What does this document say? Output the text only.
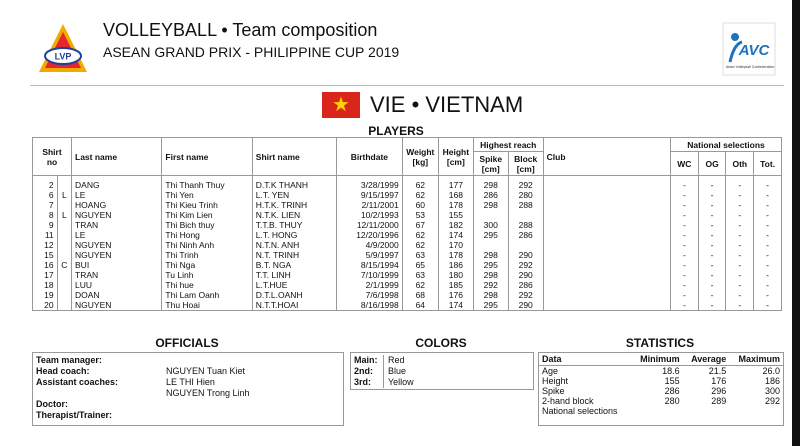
LVP
VOLLEYBALL • Team composition
ASEAN GRAND PRIX - PHILIPPINE CUP 2019	AVC
Asian Volleyball Confederation
★ VIE • VIETNAM
PLAYERS
Shirt no		Last name	First name	Shirt name	Birthdate	Weight [kg]	Height [cm]	Highest reach		Club	National selections			
								Spike [cm]	Block [cm]		WC	OG	Oth	Tot.
2		DANG	Thi Thanh Thuy	D.T.K THANH	3/28/1999	62	177	298	292		-	-	-	-
6	L	LE	Thi Yen	L.T. YEN	9/15/1997	62	168	286	280		-	-	-	-
7		HOANG	Thi Kieu Trinh	H.T.K. TRINH	2/11/2001	60	178	298	288		-	-	-	-
8	L	NGUYEN	Thi Kim Lien	N.T.K. LIEN	10/2/1993	53	155				-	-	-	-
9		TRAN	Thi Bich thuy	T.T.B. THUY	12/11/2000	67	182	300	288		-	-	-	-
11		LE	Thi Hong	L.T. HONG	12/20/1996	62	174	295	286		-	-	-	-
12		NGUYEN	Thi Ninh Anh	N.T.N. ANH	4/9/2000	62	170				-	-	-	-
15		NGUYEN	Thi Trinh	N.T. TRINH	5/9/1997	63	178	298	290		-	-	-	-
16	C	BUI	Thi Nga	B.T. NGA	8/15/1994	65	186	295	292		-	-	-	-
17		TRAN	Tu Linh	T.T. LINH	7/10/1999	63	180	298	290		-	-	-	-
18		LUU	Thi hue	L.T.HUE	2/1/1999	62	185	292	286		-	-	-	-
19		DOAN	Thi Lam Oanh	D.T.L.OANH	7/6/1998	68	176	298	292		-	-	-	-
20		NGUYEN	Thu Hoai	N.T.T.HOAI	8/16/1998	64	174	295	290		-	-	-	-
OFFICIALS
Team manager:
Head coach:	NGUYEN Tuan Kiet
Assistant coaches:	LE THI Hien
NGUYEN Trong Linh
Doctor:
Therapist/Trainer:
COLORS
Main:	Red
2nd:	Blue
3rd:	Yellow
STATISTICS
Data	Minimum	Average	Maximum
Age	18.6	21.5	26.0
Height	155	176	186
Spike	286	296	300
2-hand block	280	289	292
National selections			
